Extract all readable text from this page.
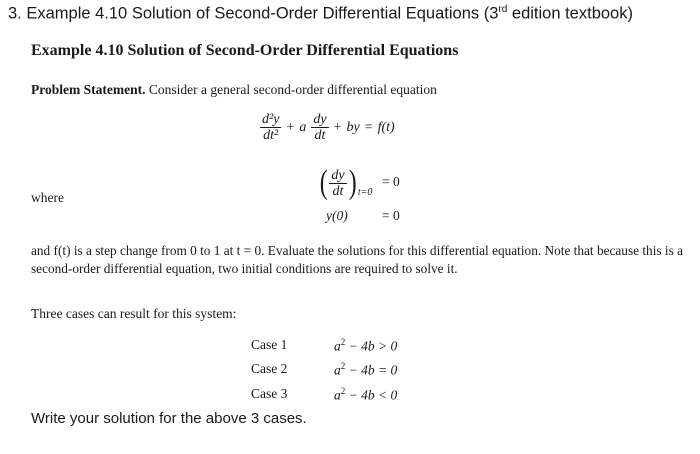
3. Example 4.10 Solution of Second-Order Differential Equations (3rd edition textbook)
Example 4.10 Solution of Second-Order Differential Equations
Problem Statement. Consider a general second-order differential equation
$\frac{\text{d²y}}{\text{dt²}} + a \frac{dy}{dt}$ + by = f(t)
where	( $\frac{dy}{dt}$ ) t=0
= 0
y(0)	= 0
and f(t) is a step change from 0 to 1 at t = 0. Evaluate the solutions for this differential equation. Note that because this is a second-order differential equation, two initial conditions are required to solve it.
Three cases can result for this system:
Case 1
Case 2
Case 3
$a^2 - 4b > 0$
$a^2 - 4b = 0$
$a^2 - 4b < 0$
Write your solution for the above 3 cases.
